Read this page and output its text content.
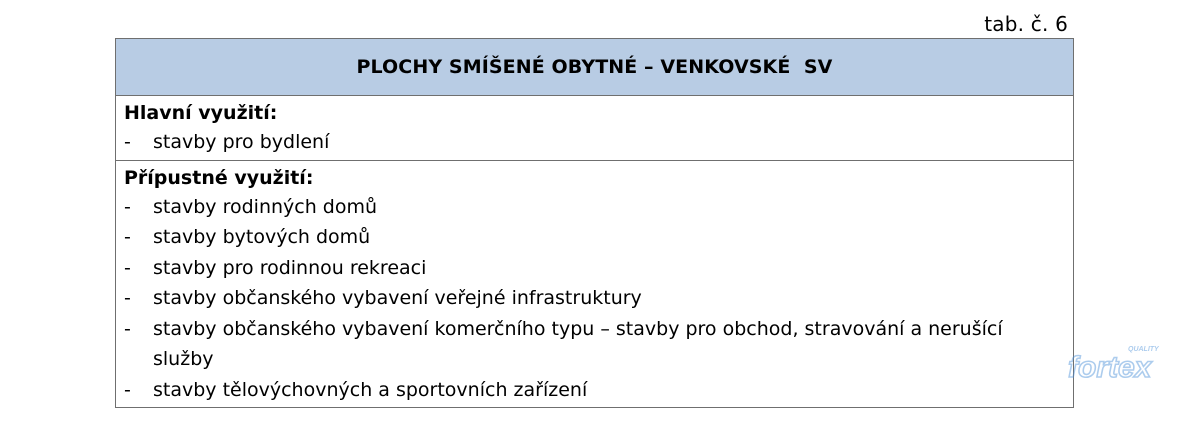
tab. č. 6
PLOCHY SMÍŠENÉ OBYTNÉ – VENKOVSKÉ  SV
Hlavní využití:
-	stavby pro bydlení
Přípustné využití:
-	stavby rodinných domů
-	stavby bytových domů
-	stavby pro rodinnou rekreaci
-	stavby občanského vybavení veřejné infrastruktury
-	stavby občanského vybavení komerčního typu – stavby pro obchod, stravování a nerušící služby
-	stavby tělovýchovných a sportovních zařízení
QUALITY
fortex
